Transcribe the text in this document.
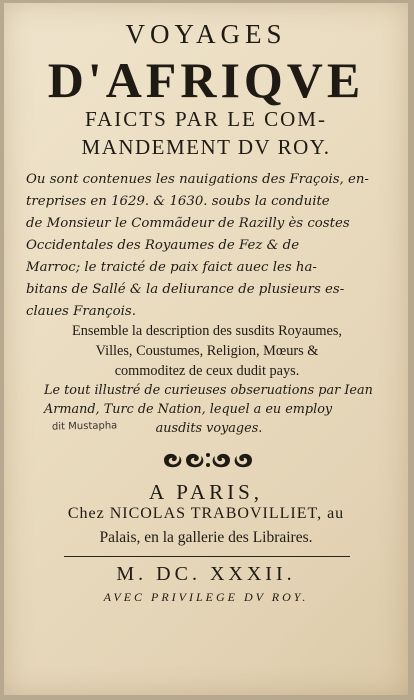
VOYAGES
D'AFRIQVE
FAICTS PAR LE COM-
MANDEMENT DV ROY.
Ou sont contenues les nauigations des Fraçois, en-
treprises en 1629. & 1630. soubs la conduite
de Monsieur le Commãdeur de Razilly ès costes
Occidentales des Royaumes de Fez & de
Marroc; le traicté de paix faict auec les ha-
bitans de Sallé & la deliurance de plusieurs es-
claues François.
Ensemble la description des susdits Royaumes,
Villes, Coustumes, Religion, Mœurs &
commoditez de ceux dudit pays.
Le tout illustré de curieuses obseruations par Iean
Armand, Turc de Nation, lequel a eu employ
ausdits voyages.
dit Mustapha
A PARIS,
Chez NICOLAS TRABOVILLIET, au
Palais, en la gallerie des Libraires.
M. DC. XXXII.
AVEC PRIVILEGE DV ROY.
